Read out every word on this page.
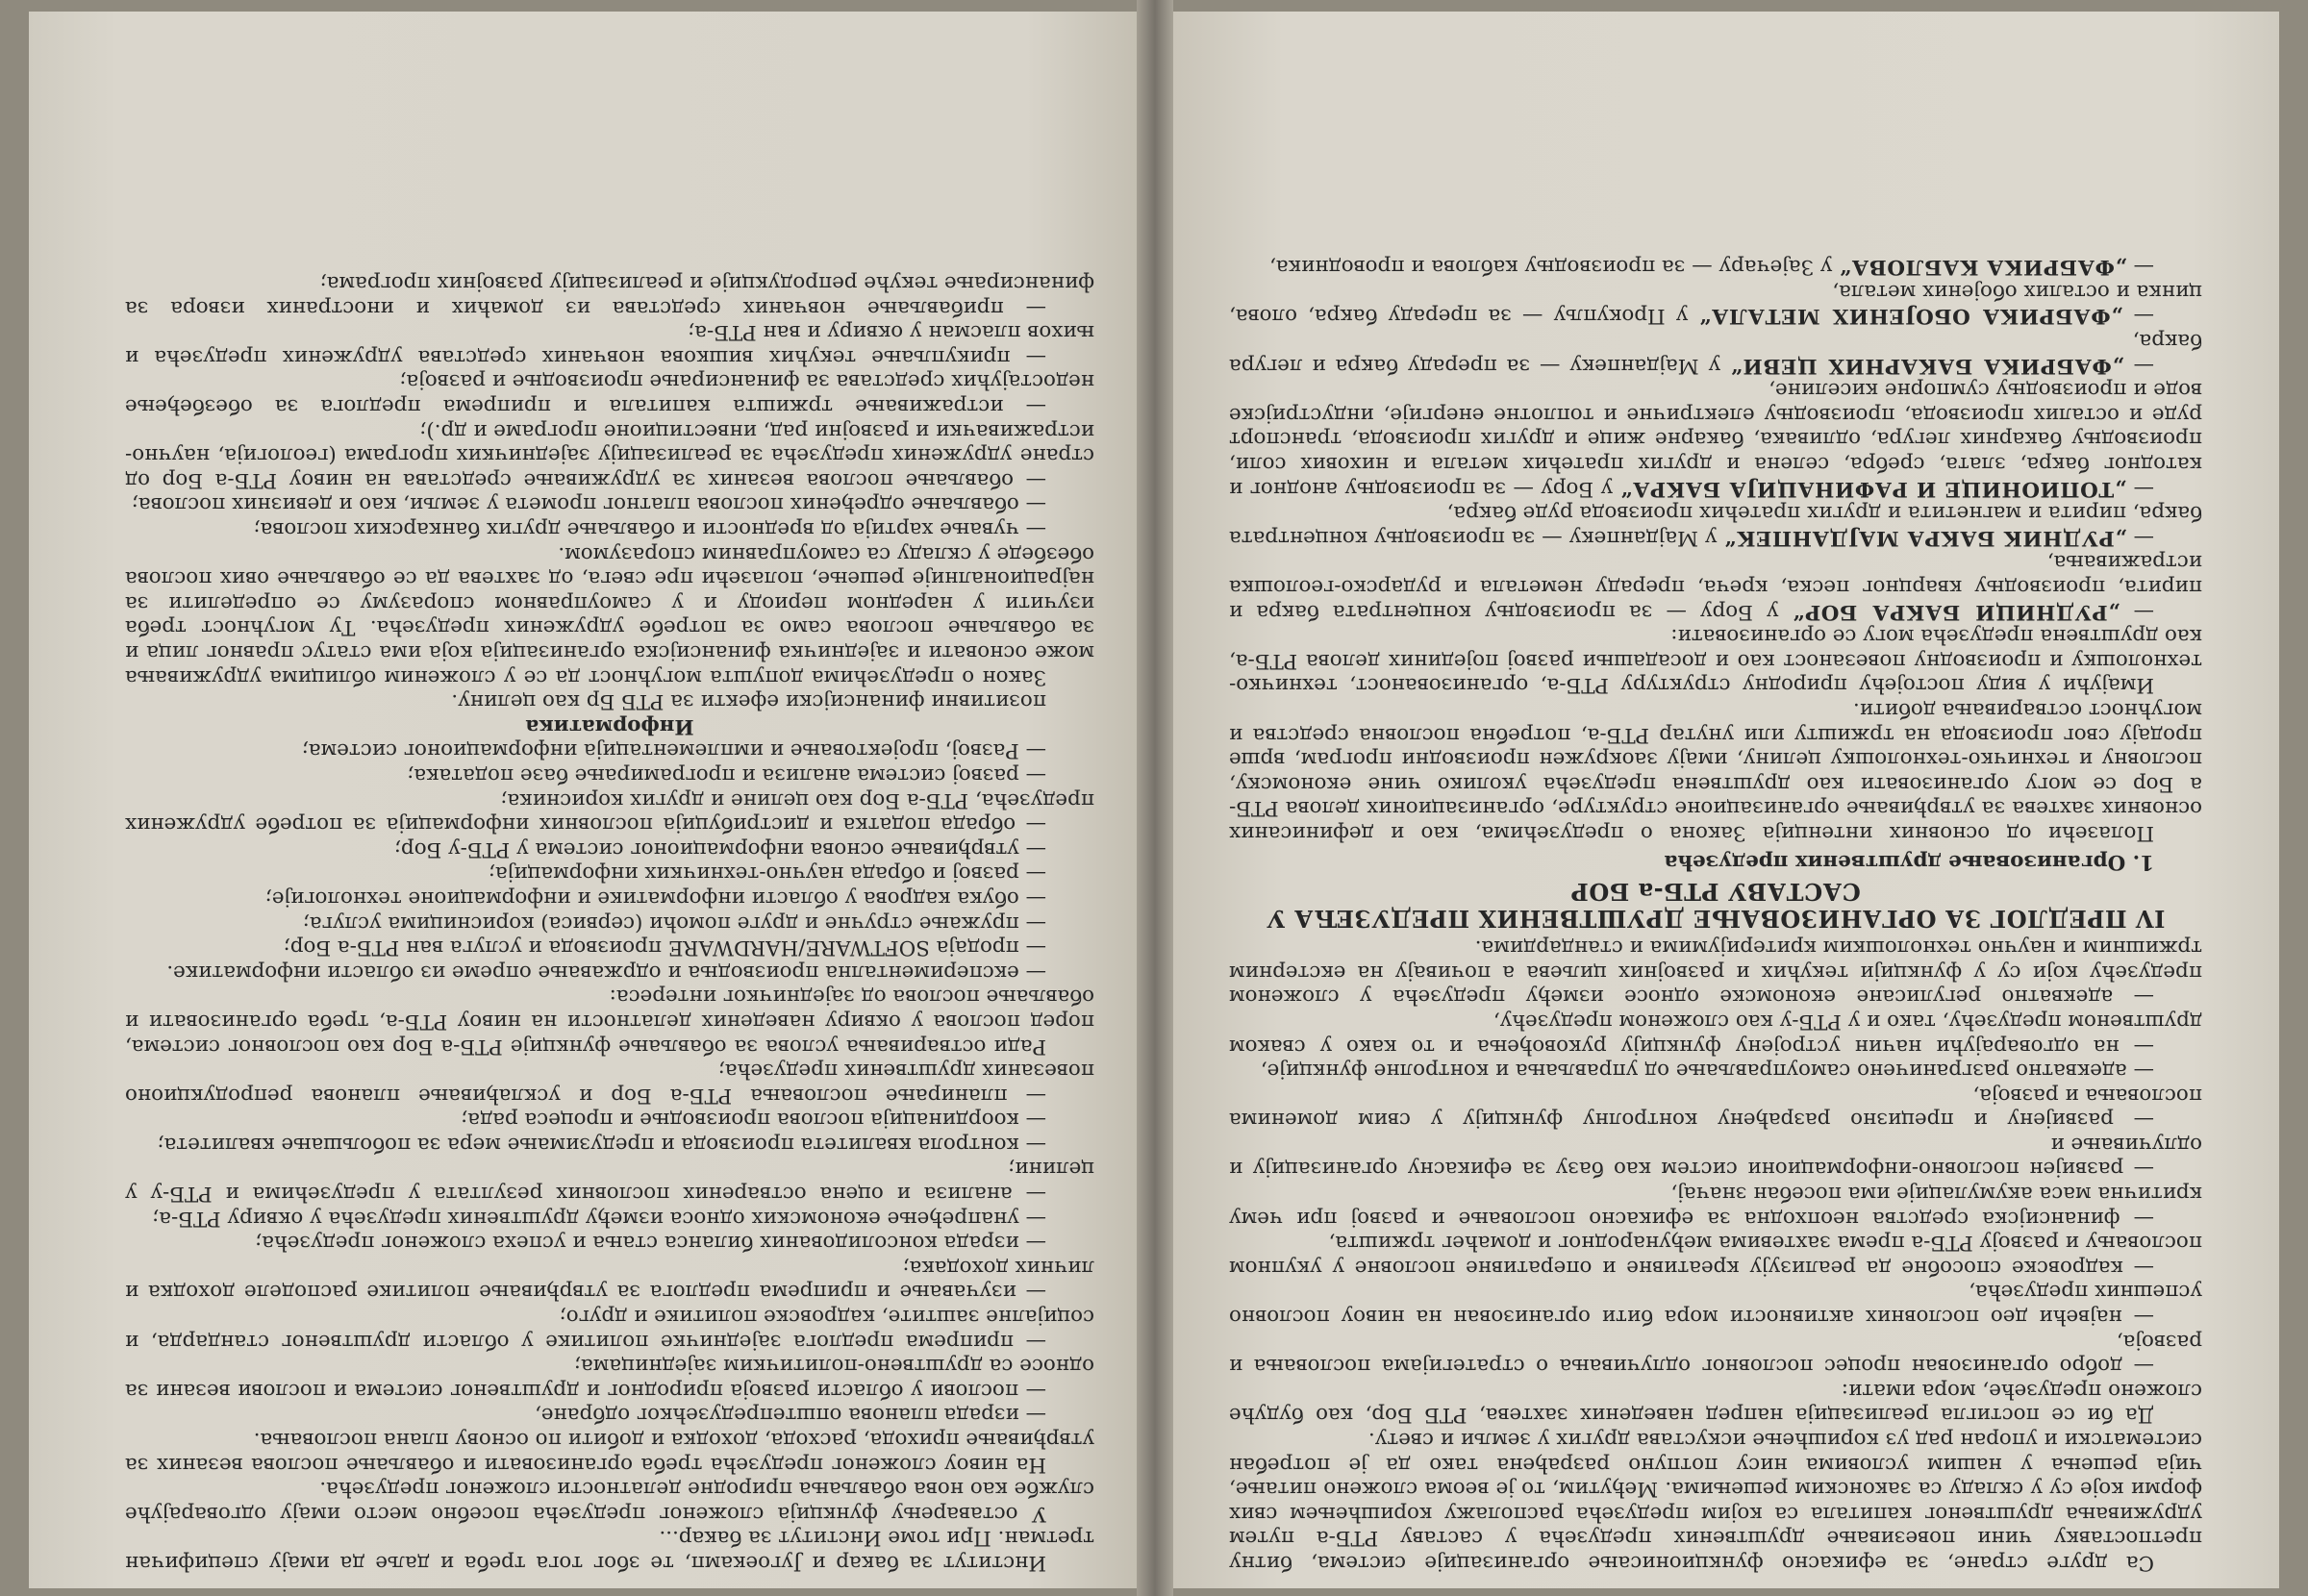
Са друге стране, за ефикасно функционисање организације система, битну претпоставку чини повезивање друштвених предузећа у саставу РТБ-а путем удруживања друштвеног капитала са којим предузећа располажу коришћењем свих форми које су у складу са законским решењима. Међутим, то је веома сложено питање, чија решења у нашим условима нису потпуно разрађена тако да је потребан систематски и упоран рад уз коришћење искустава других у земљи и свету.

Да би се постигла реализација напред наведених захтева, РТБ Бор, као будуће сложено предузеће, мора имати:

— добро организован процес пословног одлучивања о стратегијама пословања и развоја,

— највећи део пословних активности мора бити организован на нивоу пословно успешних предузећа,

— кадровске способне да реализују креативне и оперативне пословне у укупном пословању и развоју РТБ-а према захтевима међународног и домаћег тржишта,

— финансијска средства неопходна за ефикасно пословање и развој при чему критична маса акумулације има посебан значај,

— развијен пословно-информациони систем као базу за ефикасну организацију и одлучивање и

— развијену и прецизно разрађену контролну функцију у свим доменима пословања и развоја,

— адекватно разграничено самоуправљање од управљања и контролне функције,

— на одговарајући начин устројену функцију руковођења и то како у сваком друштвеном предузећу, тако и у РТБ-у као сложеном предузећу,

— адекватно регулисане економске односе између предузећа у сложеном предузећу који су у функцији текућих и развојних циљева а почивају на екстерним тржишним и научно технолошким критеријумима и стандардима.

IV ПРЕДЛОГ ЗА ОРГАНИЗОВАЊЕ ДРУШТВЕНИХ ПРЕДУЗЕЋА У САСТАВУ РТБ-а БОР
1. Организовање друштвених предузећа

Полазећи од основних интенција Закона о предузећима, као и дефинисаних основних захтева за утврђивање организационе структуре, организационих делова РТБ-а Бор се могу организовати као друштвена предузећа уколико чине економску, пословну и техничко-технолошку целину, имају заокружен производни програм, врше продају свог производа на тржишту или унутар РТБ-а, потребна пословна средства и могућност остваривања добити.

Имајући у виду постојећу природну структуру РТБ-а, организованост, техничко-технолошку и производну повезаност као и досадашњи развој појединих делова РТБ-а, као друштвена предузећа могу се организовати:

— „РУДНИЦИ БАКРА БОР“ у Бору — за производњу концентрата бакра и пирита, производњу кварцног песка, креча, прераду неметала и рударско-геолошка истраживања,

— „РУДНИК БАКРА МАЈДАНПЕК“ у Мајданпеку — за производњу концентрата бакра, пирита и магнетита и других пратећих производа руде бакра,

— „ТОПИОНИЦЕ И РАФИНАЦИЈА БАКРА“ у Бору — за производњу анодног и катодног бакра, злата, сребра, селена и других пратећих метала и нихових соли, производњу бакарних легура, одливака, бакарне жице и других производа, транспорт руде и осталих производа, производњу електричне и топлотне енергије, индустријске воде и производњу сумпорне киселине,

— „ФАБРИКА БАКАРНИХ ЦЕВИ“ у Мајданпеку — за прераду бакра и легура бакра,

— „ФАБРИКА ОБОЈЕНИХ МЕТАЛА“ у Прокупљу — за прераду бакра, олова, цинка и осталих обојених метала,

— „ФАБРИКА КАБЛОВА“ у Зајечару — за производњу каблова и проводника,

Институт за бакар и Југоекамп, те због тога треба и даље да имају специфичан третман. При томе Институт за бакар...

У оставарењу функција сложеног предузећа посебно место имају одговарајуће службе као нова обављања природне делатности сложеног предузећа.

На нивоу сложеног предузећа треба организовати и обављање послова везаних за утврђивање прихода, расхода, доходка и добити по основу плана пословања.

— израда планова општепредузећког одбране,

— послови у области развоја природног и друштвеног система и послови везани за односе са друштвено-политичким заједницама;

— припрема предлога заједничке политике у области друштвеног стандарда, и социјалне заштите, кадровске политике и друго;

— изучавање и припрема предлога за утврђивање политике расподеле доходка и личних доходака;

— израда консолидованих биланса стања и успеха сложеног предузећа;

— унапређење економских односа између друштвених предузећа у оквиру РТБ-а;

— анализа и оцена остварених пословних резултата у предузећима и РТБ-у у целини;

— контрола квалитета производа и предузимање мера за побољшање квалитета;

— координација послова производње и процеса рада;

— планирање пословања РТБ-а Бор и усклађивање планова репродукционо повезаних друштвених предузећа;

Ради остваривања услова за обављање функције РТБ-а Бор као пословног система, поред послова у оквиру наведених делатности на нивоу РТБ-а, треба организовати и обављање послова од заједничког интереса:

— експериментална производња и одржавање опреме из области информатике.

— продаја SOFTWARE/HARDWARE производа и услуга ван РТБ-а Бор;

— пружање стручне и друге помоћи (сервиса) корисницима услуга;

— обука кадрова у области информатике и информационе технологије;

— развој и обрада научно-техничких информација;

— утврђивање основа информационог система у РТБ-у Бор;

— обрада податка и дистрибуција пословних информација за потребе удружених предузећа, РТБ-а Бор као целине и других корисника;

— развој система анализа и програмирање базе података;

— Развој, пројектовање и имплементација информационог система;

Информатика

позитивни финансијски ефекти за РТБ Бр као целину.

Закон о предузећима допушта могућност да се у сложеним облицима удруживања може основати и заједничка финансијска организација која има статус правног лица и за обављање послова само за потребе удружених предузећа. Ту могућност треба изучити у наредном периоду и у самоуправном споразуму се определити за најрационалније решење, полазећи пре свега, од захтева да се обављање ових послова обезбеде у складу са самоуправним споразумом.

— чување хартија од вредности и обављање других банкарских послова;

— обављање одређених послова платног промета у земљи, као и девизних послова;

— обављање послова везаних за удруживање средстава на нивоу РТБ-а Бор од стране удружених предузећа за реализацију заједничких програма (геологија, научно-истраживачки и развојни рад, инвестиционе програме и др.);

— истраживање тржишта капитала и припрема предлога за обезбеђење недостајућих средстава за финансирање производње и развоја;

— прикупљање текућих вишкова новчаних средстава удружених предузећа и њихов пласман у оквиру и ван РТБ-а;

— прибављање новчаних средстава из домаћих и иностраних извора за финансирање текуће репродукције и реализацију развојних програма;
